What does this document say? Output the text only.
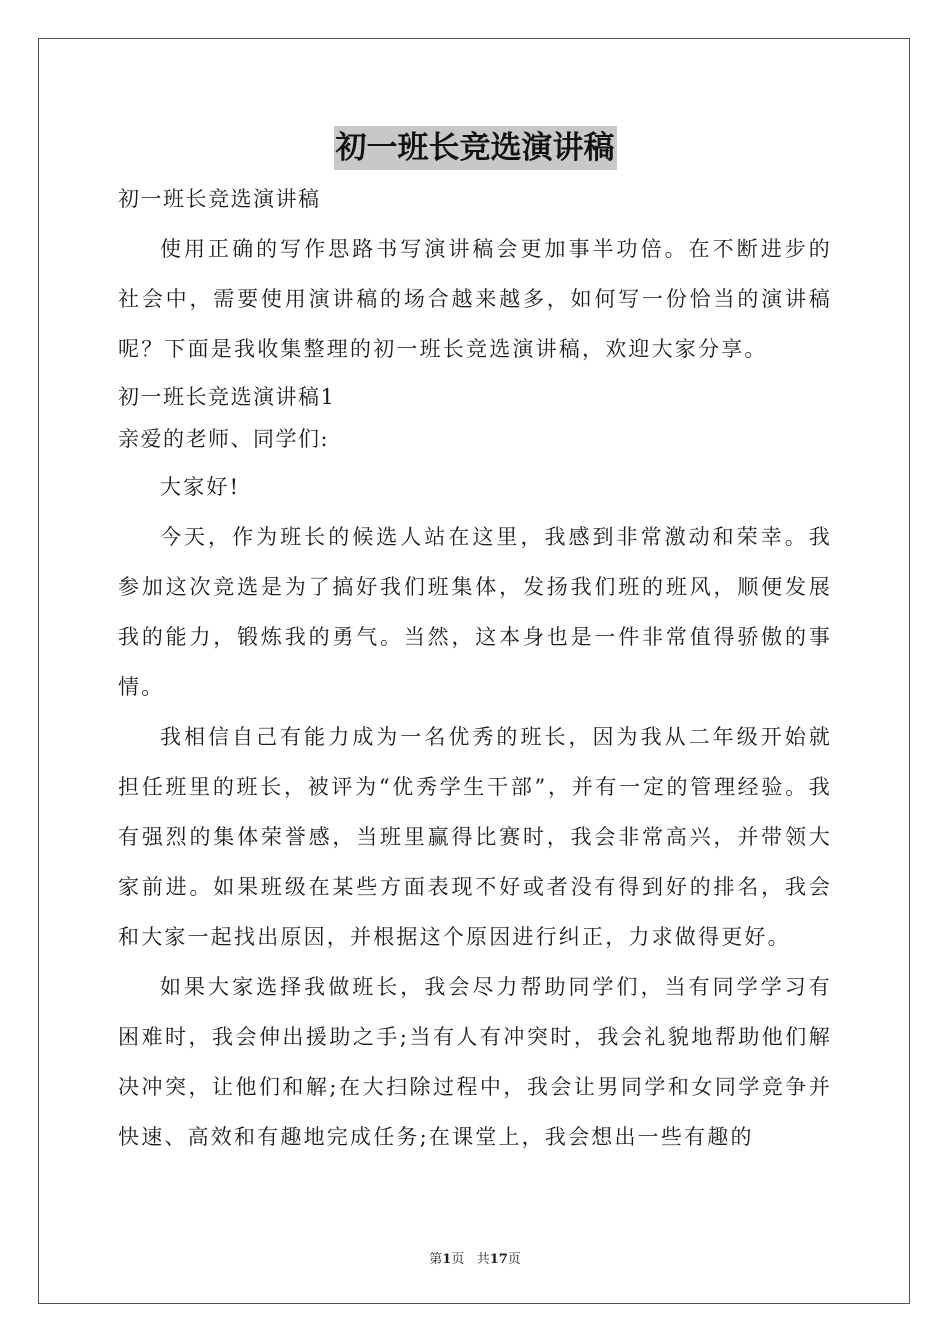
初一班长竞选演讲稿

初一班长竞选演讲稿

使用正确的写作思路书写演讲稿会更加事半功倍。在不断进步的社会中，需要使用演讲稿的场合越来越多，如何写一份恰当的演讲稿呢？下面是我收集整理的初一班长竞选演讲稿，欢迎大家分享。

初一班长竞选演讲稿1

亲爱的老师、同学们:

大家好!

今天，作为班长的候选人站在这里，我感到非常激动和荣幸。我参加这次竞选是为了搞好我们班集体，发扬我们班的班风，顺便发展我的能力，锻炼我的勇气。当然，这本身也是一件非常值得骄傲的事情。

我相信自己有能力成为一名优秀的班长，因为我从二年级开始就担任班里的班长，被评为“优秀学生干部”，并有一定的管理经验。我有强烈的集体荣誉感，当班里赢得比赛时，我会非常高兴，并带领大家前进。如果班级在某些方面表现不好或者没有得到好的排名，我会和大家一起找出原因，并根据这个原因进行纠正，力求做得更好。

如果大家选择我做班长，我会尽力帮助同学们，当有同学学习有困难时，我会伸出援助之手;当有人有冲突时，我会礼貌地帮助他们解决冲突，让他们和解;在大扫除过程中，我会让男同学和女同学竞争并快速、高效和有趣地完成任务;在课堂上，我会想出一些有趣的

第1页 共17页
